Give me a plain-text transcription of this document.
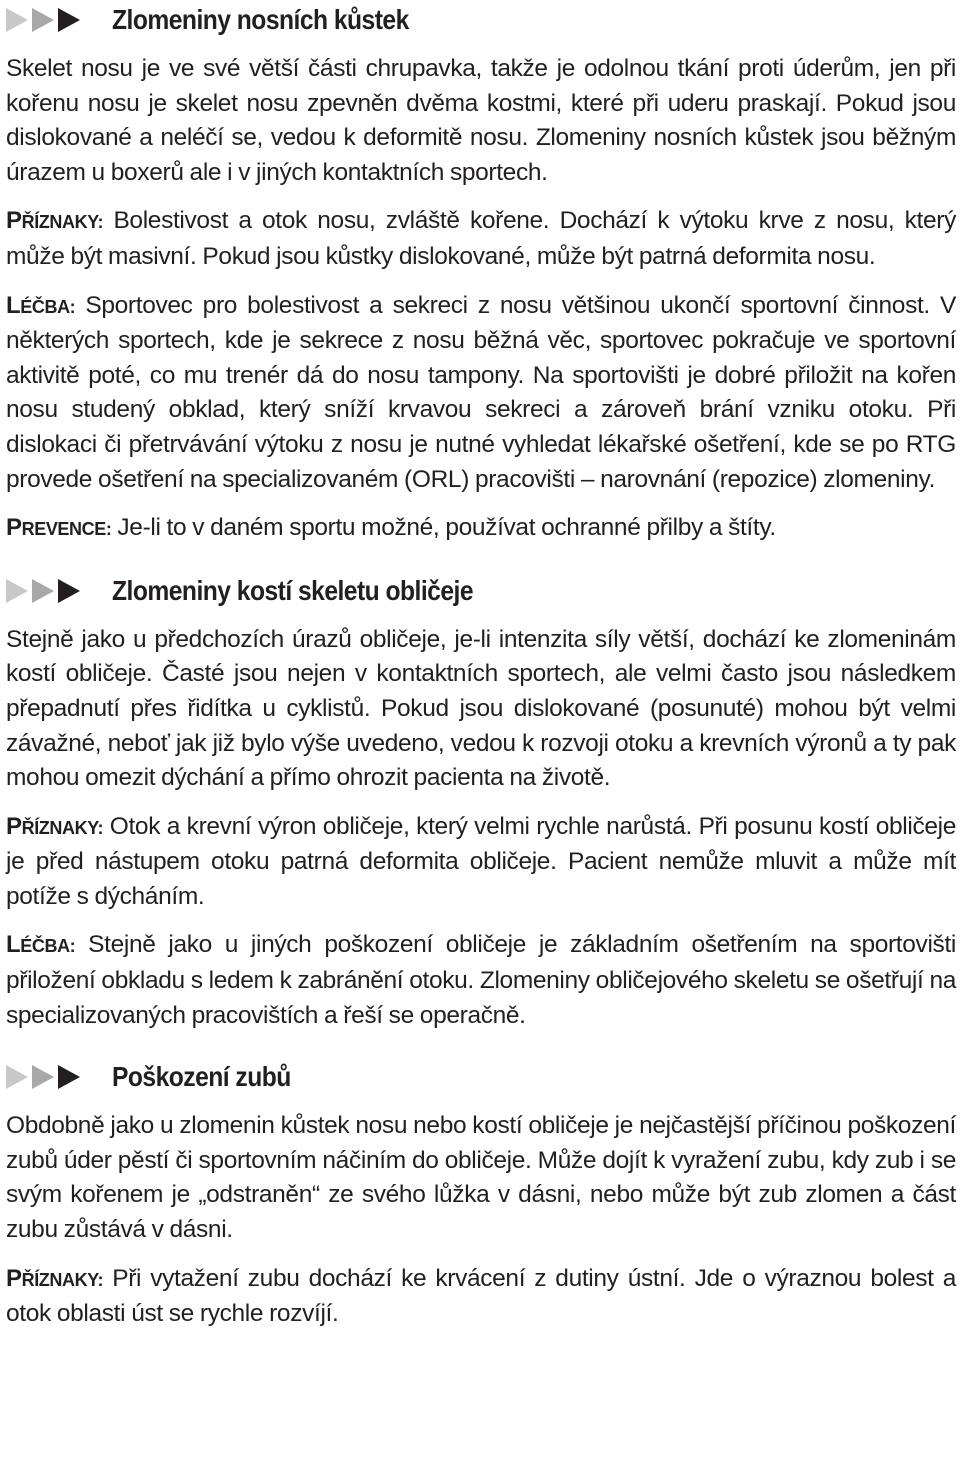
Zlomeniny nosních kůstek

Skelet nosu je ve své větší části chrupavka, takže je odolnou tkání proti úderům, jen při kořenu nosu je skelet nosu zpevněn dvěma kostmi, které při uderu praskají. Pokud jsou dislokované a neléčí se, vedou k deformitě nosu. Zlomeniny nosních kůstek jsou běžným úrazem u boxerů ale i v jiných kontaktních sportech.

PŘÍZNAKY: Bolestivost a otok nosu, zvláště kořene. Dochází k výtoku krve z nosu, který může být masivní. Pokud jsou kůstky dislokované, může být patrná deformita nosu.

LÉČBA: Sportovec pro bolestivost a sekreci z nosu většinou ukončí sportovní činnost. V některých sportech, kde je sekrece z nosu běžná věc, sportovec pokračuje ve sportovní aktivitě poté, co mu trenér dá do nosu tampony. Na sportovišti je dobré přiložit na kořen nosu studený obklad, který sníží krvavou sekreci a zároveň brání vzniku otoku. Při dislokaci či přetrvávání výtoku z nosu je nutné vyhledat lékařské ošetření, kde se po RTG provede ošetření na specializovaném (ORL) pracovišti – narovnání (repozice) zlomeniny.

PREVENCE: Je-li to v daném sportu možné, používat ochranné přilby a štíty.

Zlomeniny kostí skeletu obličeje

Stejně jako u předchozích úrazů obličeje, je-li intenzita síly větší, dochází ke zlomeninám kostí obličeje. Časté jsou nejen v kontaktních sportech, ale velmi často jsou následkem přepadnutí přes řidítka u cyklistů. Pokud jsou dislokované (posunuté) mohou být velmi závažné, neboť jak již bylo výše uvedeno, vedou k rozvoji otoku a krevních výronů a ty pak mohou omezit dýchání a přímo ohrozit pacienta na životě.

PŘÍZNAKY: Otok a krevní výron obličeje, který velmi rychle narůstá. Při posunu kostí obličeje je před nástupem otoku patrná deformita obličeje. Pacient nemůže mluvit a může mít potíže s dýcháním.

LÉČBA: Stejně jako u jiných poškození obličeje je základním ošetřením na sportovišti přiložení obkladu s ledem k zabránění otoku. Zlomeniny obličejového skeletu se ošetřují na specializovaných pracovištích a řeší se operačně.

Poškození zubů

Obdobně jako u zlomenin kůstek nosu nebo kostí obličeje je nejčastější příčinou poškození zubů úder pěstí či sportovním náčiním do obličeje. Může dojít k vyražení zubu, kdy zub i se svým kořenem je „odstraněn“ ze svého lůžka v dásni, nebo může být zub zlomen a část zubu zůstává v dásni.

PŘÍZNAKY: Při vytažení zubu dochází ke krvácení z dutiny ústní. Jde o výraznou bolest a otok oblasti úst se rychle rozvíjí.
